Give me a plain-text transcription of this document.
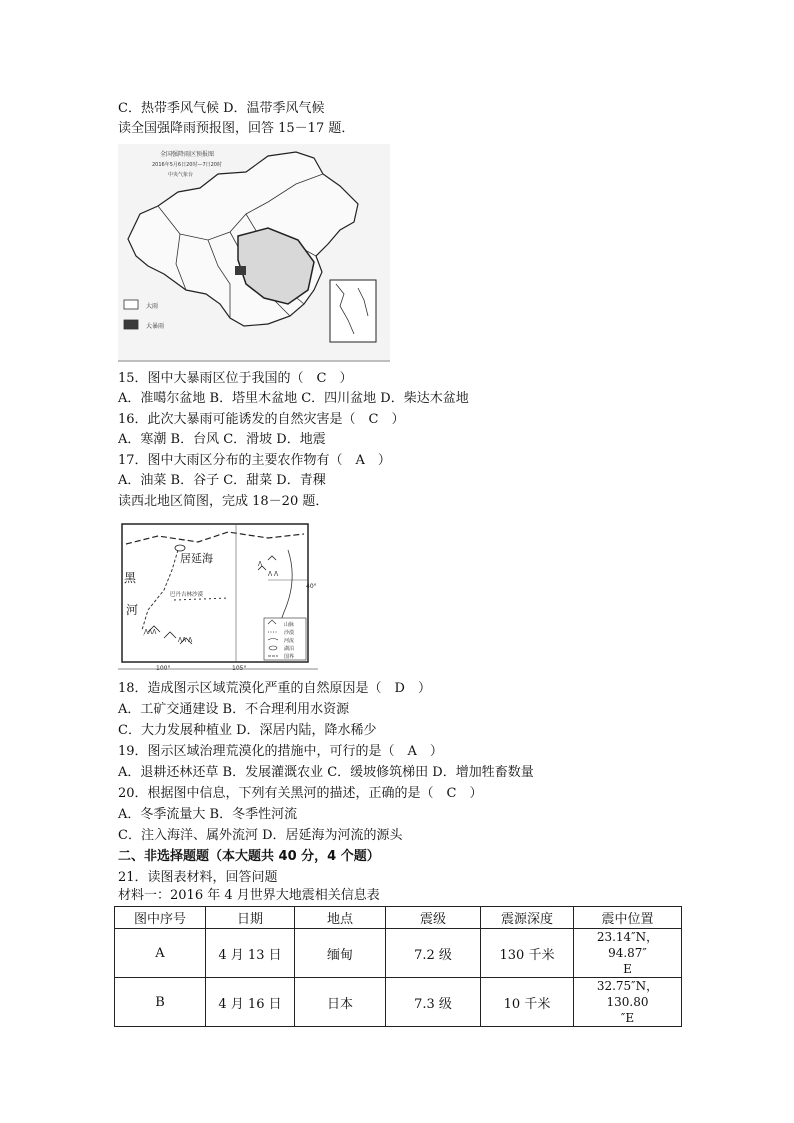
C．热带季风气候 D．温带季风气候
读全国强降雨预报图，回答 15－17 题．
全国强降雨区预报图
2016年5月6日20时—7日20时
中央气象台
大雨
大暴雨
15．图中大暴雨区位于我国的（　C　）
A．准噶尔盆地 B．塔里木盆地 C．四川盆地 D．柴达木盆地
16．此次大暴雨可能诱发的自然灾害是（　C　）
A．寒潮 B．台风 C．滑坡 D．地震
17．图中大雨区分布的主要农作物有（　A　）
A．油菜 B．谷子 C．甜菜 D．青稞
读西北地区简图，完成 18－20 题．
᷊ᐱᐱᐱ
ᐱᐱ ᐱ
ᐱ ᐱ
ᐱ
居延海
黑
河
巴丹吉林沙漠
40°
100°	105°
山脉
沙漠
河流
湖泊
国界
18．造成图示区域荒漠化严重的自然原因是（　D　）
A．工矿交通建设 B．不合理利用水资源
C．大力发展种植业 D．深居内陆，降水稀少
19．图示区域治理荒漠化的措施中，可行的是（　A　）
A．退耕还林还草 B．发展灌溉农业 C．缓坡修筑梯田 D．增加牲畜数量
20．根据图中信息，下列有关黑河的描述，正确的是（　C　）
A．冬季流量大 B．冬季性河流
C．注入海洋、属外流河 D．居延海为河流的源头
二、非选择题题（本大题共 40 分，4 个题）
21．读图表材料，回答问题
材料一：2016 年 4 月世界大地震相关信息表
图中序号	日期	地点	震级	震源深度	震中位置
A	4 月 13 日	缅甸	7.2 级	130 千米	23.14″N，94.87″
E

B	4 月 16 日	日本	7.3 级	10 千米	32.75″N，130.80
″E
